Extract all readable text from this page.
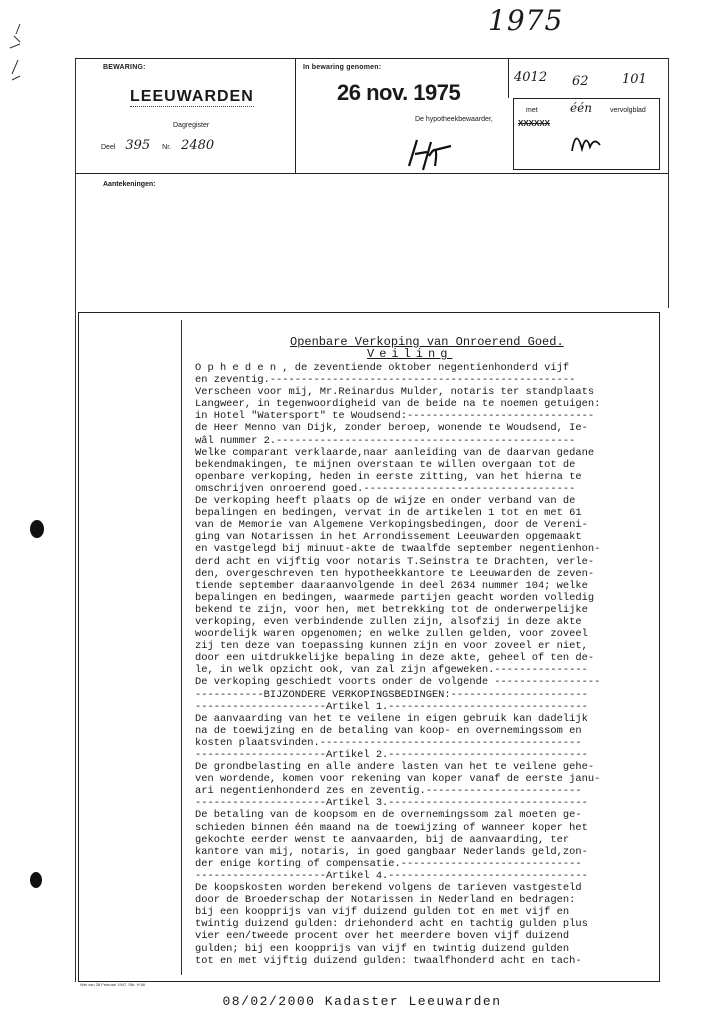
1975
BEWARING:
LEEUWARDEN
Dagregister
Deel 395 Nr. 2480
In bewaring genomen:
26 nov. 1975
De hypotheekbewaarder,
4012 62	101
met	één	vervolgblad
XXXXXX
Aantekeningen:
Openbare Verkoping van Onroerend Goed.
Veiling
O p h e d e n , de zeventiende oktober negentienhonderd vijf
en zeventig.-------------------------------------------------
Verscheen voor mij, Mr.Reinardus Mulder, notaris ter standplaats
Langweer, in tegenwoordigheid van de beide na te noemen getuigen:
in Hotel "Watersport" te Woudsend:------------------------------
de Heer Menno van Dijk, zonder beroep, wonende te Woudsend, Ie-
wâl nummer 2.------------------------------------------------
Welke comparant verklaarde,naar aanleiding van de daarvan gedane
bekendmakingen, te mijnen overstaan te willen overgaan tot de
openbare verkoping, heden in eerste zitting, van het hierna te
omschrijven onroerend goed.----------------------------------
De verkoping heeft plaats op de wijze en onder verband van de
bepalingen en bedingen, vervat in de artikelen 1 tot en met 61
van de Memorie van Algemene Verkopingsbedingen, door de Vereni-
ging van Notarissen in het Arrondissement Leeuwarden opgemaakt
en vastgelegd bij minuut-akte de twaalfde september negentienhon-
derd acht en vijftig voor notaris T.Seinstra te Drachten, verle-
den, overgeschreven ten hypotheekkantore te Leeuwarden de zeven-
tiende september daaraanvolgende in deel 2634 nummer 104; welke
bepalingen en bedingen, waarmede partijen geacht worden volledig
bekend te zijn, voor hen, met betrekking tot de onderwerpelijke
verkoping, even verbindende zullen zijn, alsofzij in deze akte
woordelijk waren opgenomen; en welke zullen gelden, voor zoveel
zij ten deze van toepassing kunnen zijn en voor zoveel er niet,
door een uitdrukkelijke bepaling in deze akte, geheel of ten de-
le, in welk opzicht ook, van zal zijn afgeweken.---------------
De verkoping geschiedt voorts onder de volgende -----------------
-----------BIJZONDERE VERKOPINGSBEDINGEN:----------------------
---------------------Artikel 1.--------------------------------
De aanvaarding van het te veilene in eigen gebruik kan dadelijk
na de toewijzing en de betaling van koop- en overnemingssom en
kosten plaatsvinden.------------------------------------------
---------------------Artikel 2.--------------------------------
De grondbelasting en alle andere lasten van het te veilene gehe-
ven wordende, komen voor rekening van koper vanaf de eerste janu-
ari negentienhonderd zes en zeventig.-------------------------
---------------------Artikel 3.--------------------------------
De betaling van de koopsom en de overnemingssom zal moeten ge-
schieden binnen één maand na de toewijzing of wanneer koper het
gekochte eerder wenst te aanvaarden, bij de aanvaarding, ter
kantore van mij, notaris, in goed gangbaar Nederlands geld,zon-
der enige korting of compensatie.-----------------------------
---------------------Artikel 4.--------------------------------
De koopskosten worden berekend volgens de tarieven vastgesteld
door de Broederschap der Notarissen in Nederland en bedragen:
bij een koopprijs van vijf duizend gulden tot en met vijf en
twintig duizend gulden: driehonderd acht en tachtig gulden plus
vier een/tweede procent over het meerdere boven vijf duizend
gulden; bij een koopprijs van vijf en twintig duizend gulden
tot en met vijftig duizend gulden: twaalfhonderd acht en tach-
Wet van 28 Februari 1947, Stb. H 66
08/02/2000 Kadaster Leeuwarden
